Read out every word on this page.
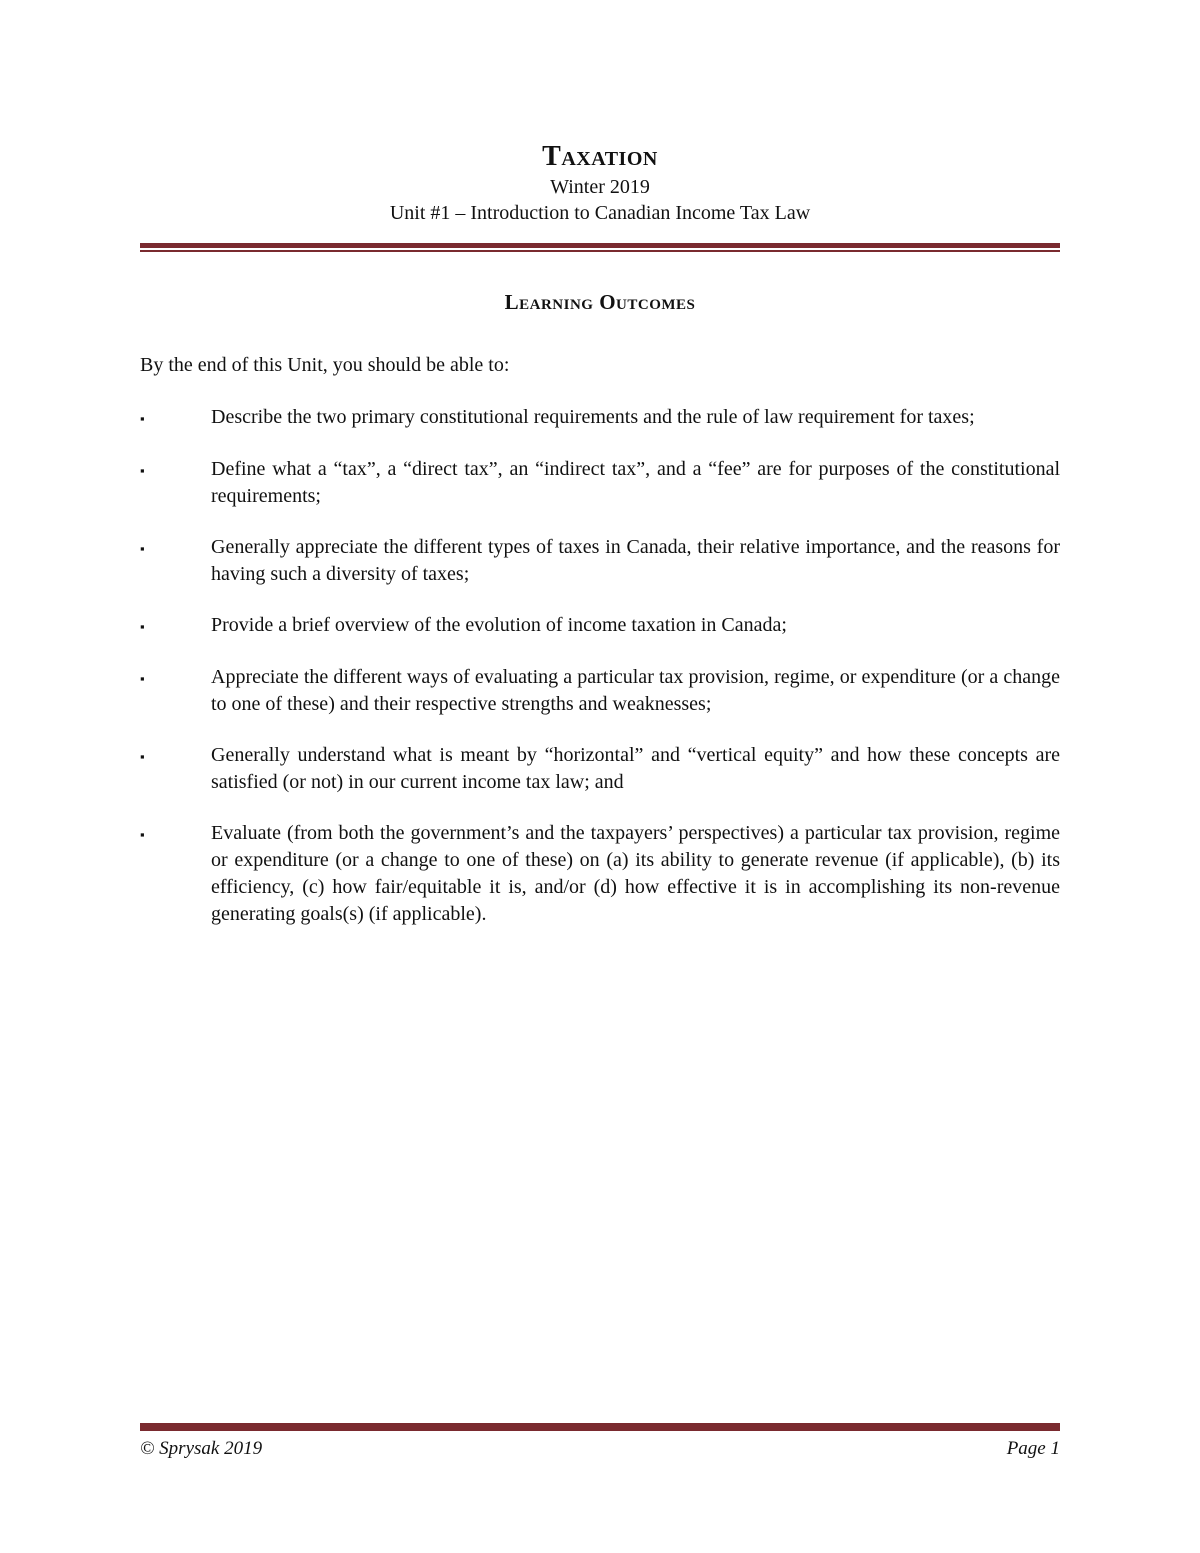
Taxation
Winter 2019
Unit #1 – Introduction to Canadian Income Tax Law
Learning Outcomes

By the end of this Unit, you should be able to:

▪	Describe the two primary constitutional requirements and the rule of law requirement for taxes;
▪	Define what a “tax”, a “direct tax”, an “indirect tax”, and a “fee” are for purposes of the constitutional requirements;
▪	Generally appreciate the different types of taxes in Canada, their relative importance, and the reasons for having such a diversity of taxes;
▪	Provide a brief overview of the evolution of income taxation in Canada;
▪	Appreciate the different ways of evaluating a particular tax provision, regime, or expenditure (or a change to one of these) and their respective strengths and weaknesses;
▪	Generally understand what is meant by “horizontal” and “vertical equity” and how these concepts are satisfied (or not) in our current income tax law; and
▪	Evaluate (from both the government’s and the taxpayers’ perspectives) a particular tax provision, regime or expenditure (or a change to one of these) on (a) its ability to generate revenue (if applicable), (b) its efficiency, (c) how fair/equitable it is, and/or (d) how effective it is in accomplishing its non-revenue generating goals(s) (if applicable).
© Sprysak 2019	Page 1
